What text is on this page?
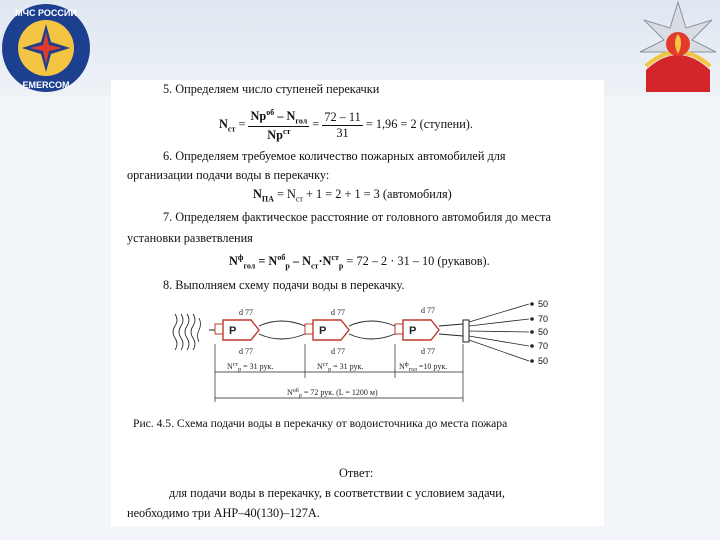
МЧС РОССИИ
EMERCOM	5. Определяем число ступеней перекачки
$N_{ст} = \frac{Nр^{об} - N_{гол}}{Nр^{ст}} = \frac{72 - 11}{31} = 1,96 = 2$ (ступени).
6. Определяем требуемое количество пожарных автомобилей для
организации подачи воды в перекачку:
$N_{ПА} = N_{ст} + 1 = 2 + 1 = 3$ (автомобиля)
7. Определяем фактическое расстояние от головного автомобиля до места
установки разветвления
$N^ф_{гол} = N^{об}_р - N_{ст}\cdot N^{ст}_р = 72 - 2 \cdot 31 - 10$ (рукавов).
8. Выполняем схему подачи воды в перекачку.
Р	Р	Р
d 77	d 77	d 77
d 77	d 77	d 77
50
70
50
70
50
$N^{ст}_р = 31$ рук.	$N^{ст}_р = 31$ рук.	$N^ф_{гол} =10$ рук.
$N^{об}_р = 72$ рук. (L = 1200 м)
Рис. 4.5. Схема подачи воды в перекачку от водоисточника до места пожара
Ответ:
для подачи воды в перекачку, в соответствии с условием задачи,
необходимо три АНР–40(130)–127А.
